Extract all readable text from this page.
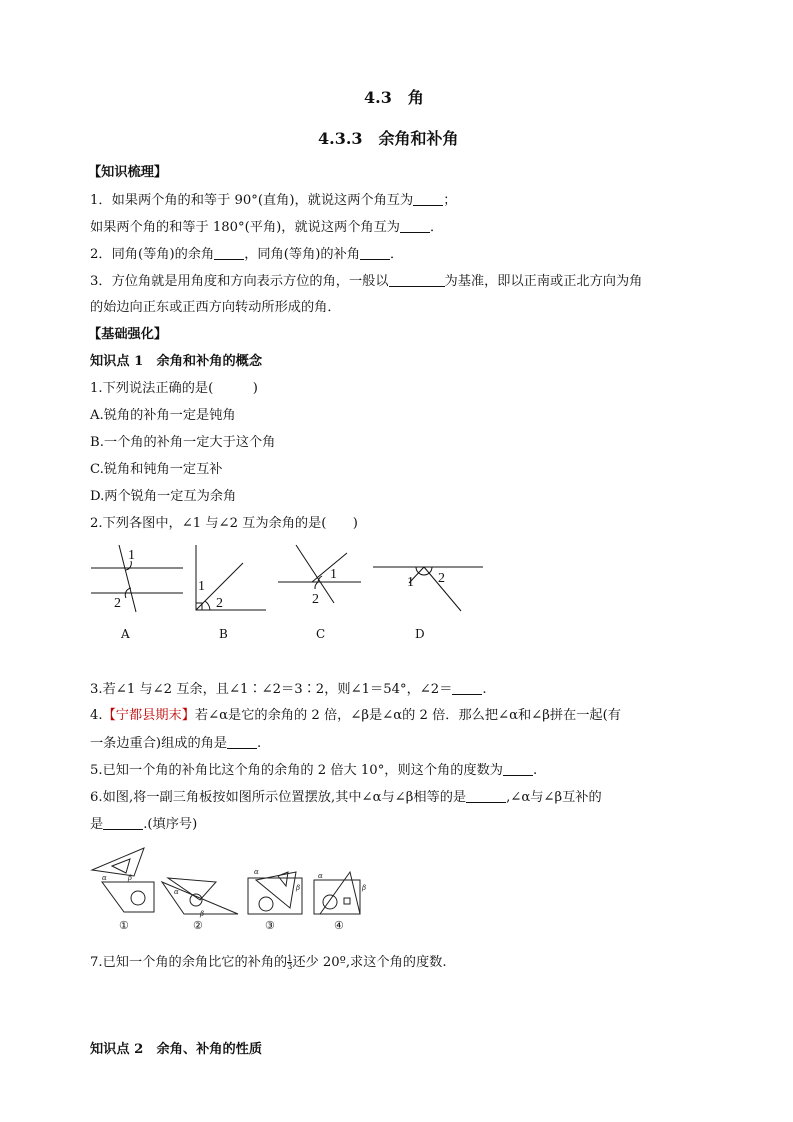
4.3　角
4.3.3　余角和补角
【知识梳理】
1．如果两个角的和等于 90°(直角)，就说这两个角互为 ；
如果两个角的和等于 180°(平角)，就说这两个角互为 ．
2．同角(等角)的余角 ，同角(等角)的补角 ．
3．方位角就是用角度和方向表示方位的角，一般以	为基准，即以正南或正北方向为角
的始边向正东或正西方向转动所形成的角．
【基础强化】
知识点 1　余角和补角的概念
1.下列说法正确的是(　　　)
A.锐角的补角一定是钝角
B.一个角的补角一定大于这个角
C.锐角和钝角一定互补
D.两个锐角一定互为余角
2.下列各图中，∠1 与∠2 互为余角的是(　　)
1
2
1
2
1
2
1 2
A	B	C	D
3.若∠1 与∠2 互余，且∠1∶∠2＝3∶2，则∠1＝54°，∠2＝ .
4.【宁都县期末】若∠α是它的余角的 2 倍，∠β是∠α的 2 倍．那么把∠α和∠β拼在一起(有
一条边重合)组成的角是 .
5.已知一个角的补角比这个角的余角的 2 倍大 10°，则这个角的度数为 .
6.如图,将一副三角板按如图所示位置摆放,其中∠α与∠β相等的是	,∠α与∠β互补的
是	.(填序号)
α	β
α
β
α
β
α
β
①	②	③	④
7.已知一个角的余角比它的补角的 $\frac{1}{3}$ 还少 20º,求这个角的度数.
知识点 2　余角、补角的性质
